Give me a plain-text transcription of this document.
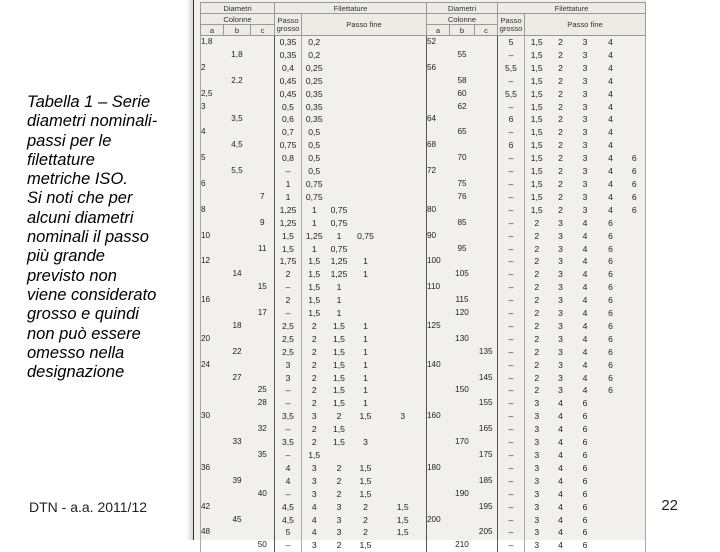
Tabella 1 – Serie
diametri nominali-
passi per le
filettature
metriche ISO.
Si noti che per
alcuni diametri
nominali il passo
più grande
previsto non
viene considerato
grosso e quindi
non può essere
omesso nella
designazione
DTN - a.a. 2011/12	22
Diametri			Filettature					Diametri			Filettature					
Colonne			Passo grosso	Passo fine				Colonne			Passo grosso	Passo fine				
a	b	c						a	b	c						
1,8			0,35	0,2				52			5	1,5	2	3	4	
	1,8		0,35	0,2					55		–	1,5	2	3	4	
2			0,4	0,25				56			5,5	1,5	2	3	4	
	2,2		0,45	0,25					58		–	1,5	2	3	4	
2,5			0,45	0,35					60		5,5	1,5	2	3	4	
3			0,5	0,35					62		–	1,5	2	3	4	
	3,5		0,6	0,35				64			6	1,5	2	3	4	
4			0,7	0,5					65		–	1,5	2	3	4	
	4,5		0,75	0,5				68			6	1,5	2	3	4	
5			0,8	0,5					70		–	1,5	2	3	4	6
	5,5		–	0,5				72			–	1,5	2	3	4	6
6			1	0,75					75		–	1,5	2	3	4	6
		7	1	0,75					76		–	1,5	2	3	4	6
8			1,25	1	0,75			80			–	1,5	2	3	4	6
		9	1,25	1	0,75				85		–	2	3	4	6	
10			1,5	1,25	1	0,75		90			–	2	3	4	6	
		11	1,5	1	0,75				95		–	2	3	4	6	
12			1,75	1,5	1,25	1		100			–	2	3	4	6	
	14		2	1,5	1,25	1			105		–	2	3	4	6	
		15	–	1,5	1			110			–	2	3	4	6	
16			2	1,5	1				115		–	2	3	4	6	
		17	–	1,5	1				120		–	2	3	4	6	
	18		2,5	2	1,5	1		125			–	2	3	4	6	
20			2,5	2	1,5	1			130		–	2	3	4	6	
	22		2,5	2	1,5	1				135	–	2	3	4	6	
24			3	2	1,5	1		140			–	2	3	4	6	
	27		3	2	1,5	1				145	–	2	3	4	6	
		25	–	2	1,5	1			150		–	2	3	4	6	
		28	–	2	1,5	1				155	–	3	4	6		
30			3,5	3	2	1,5	3	160			–	3	4	6		
		32	–	2	1,5					165	–	3	4	6		
	33		3,5	2	1,5	3			170		–	3	4	6		
		35	–	1,5						175	–	3	4	6		
36			4	3	2	1,5		180			–	3	4	6		
	39		4	3	2	1,5				185	–	3	4	6		
		40	–	3	2	1,5			190		–	3	4	6		
42			4,5	4	3	2	1,5			195	–	3	4	6		
	45		4,5	4	3	2	1,5	200			–	3	4	6		
48			5	4	3	2	1,5			205	–	3	4	6		
		50	–	3	2	1,5			210		–	3	4	6		
